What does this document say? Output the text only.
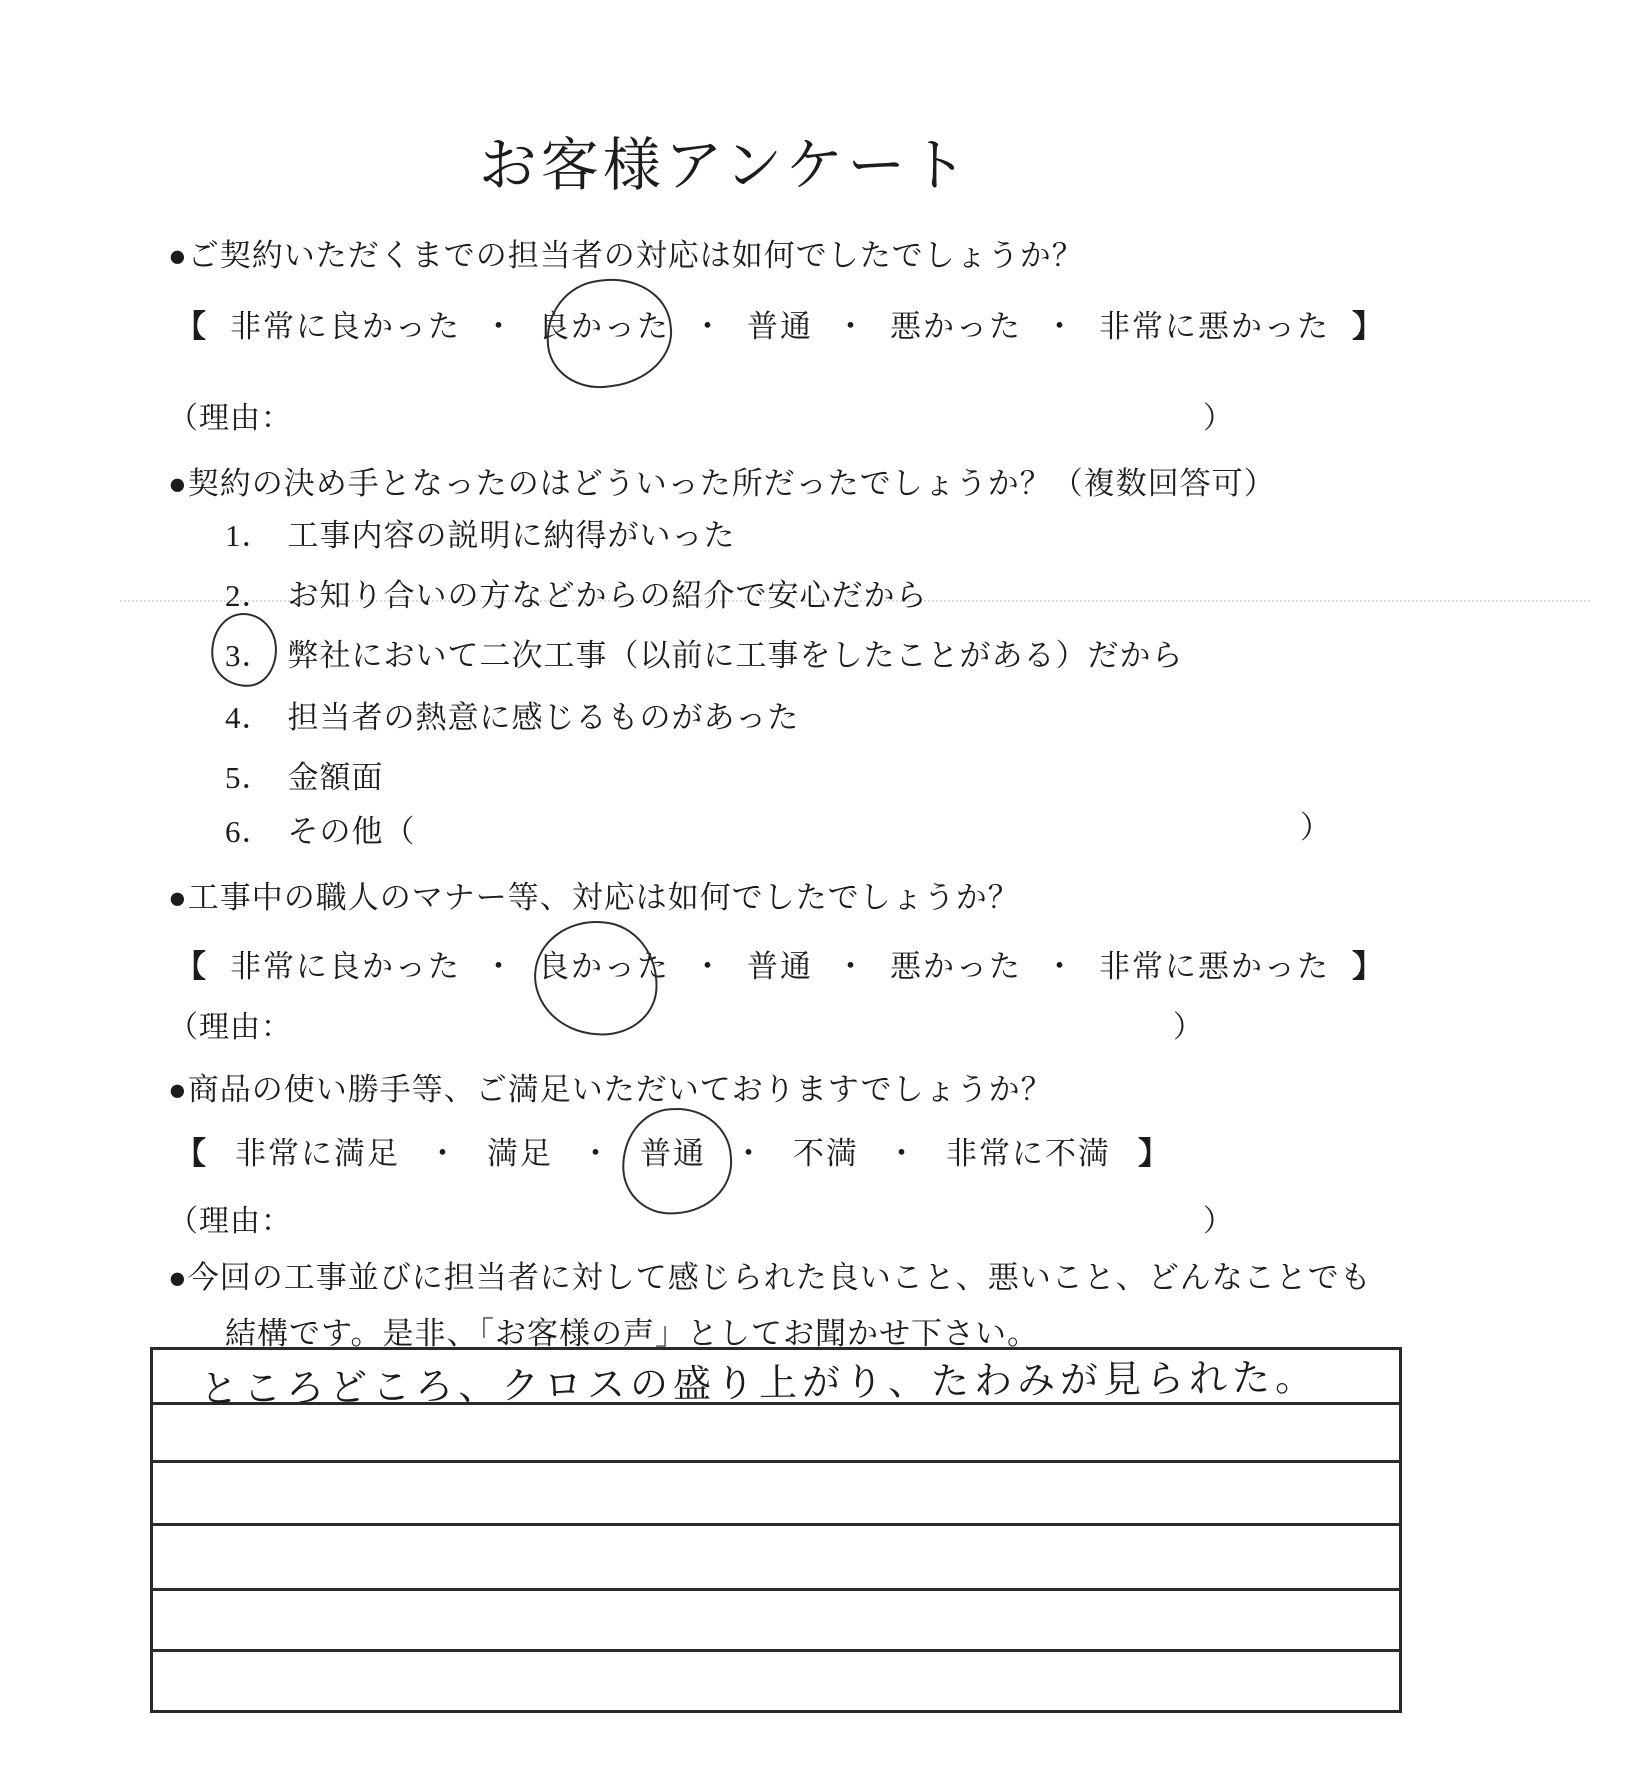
お客様アンケート
●ご契約いただくまでの担当者の対応は如何でしたでしょうか？
【 非常に良かった ・ 良かった ・ 普通 ・ 悪かった ・ 非常に悪かった 】
（理由：	）
●契約の決め手となったのはどういった所だったでしょうか？（複数回答可）
1． 工事内容の説明に納得がいった
2． お知り合いの方などからの紹介で安心だから
3． 弊社において二次工事（以前に工事をしたことがある）だから
4． 担当者の熱意に感じるものがあった
5． 金額面
6． その他（	）
●工事中の職人のマナー等、対応は如何でしたでしょうか？
【 非常に良かった ・ 良かった ・ 普通 ・ 悪かった ・ 非常に悪かった 】
（理由：	）
●商品の使い勝手等、ご満足いただいておりますでしょうか？
【 非常に満足 ・ 満足 ・ 普通 ・ 不満 ・ 非常に不満 】
（理由：	）
●今回の工事並びに担当者に対して感じられた良いこと、悪いこと、どんなことでも
結構です。是非、「お客様の声」としてお聞かせ下さい。
ところどころ、クロスの盛り上がり、たわみが見られた。
